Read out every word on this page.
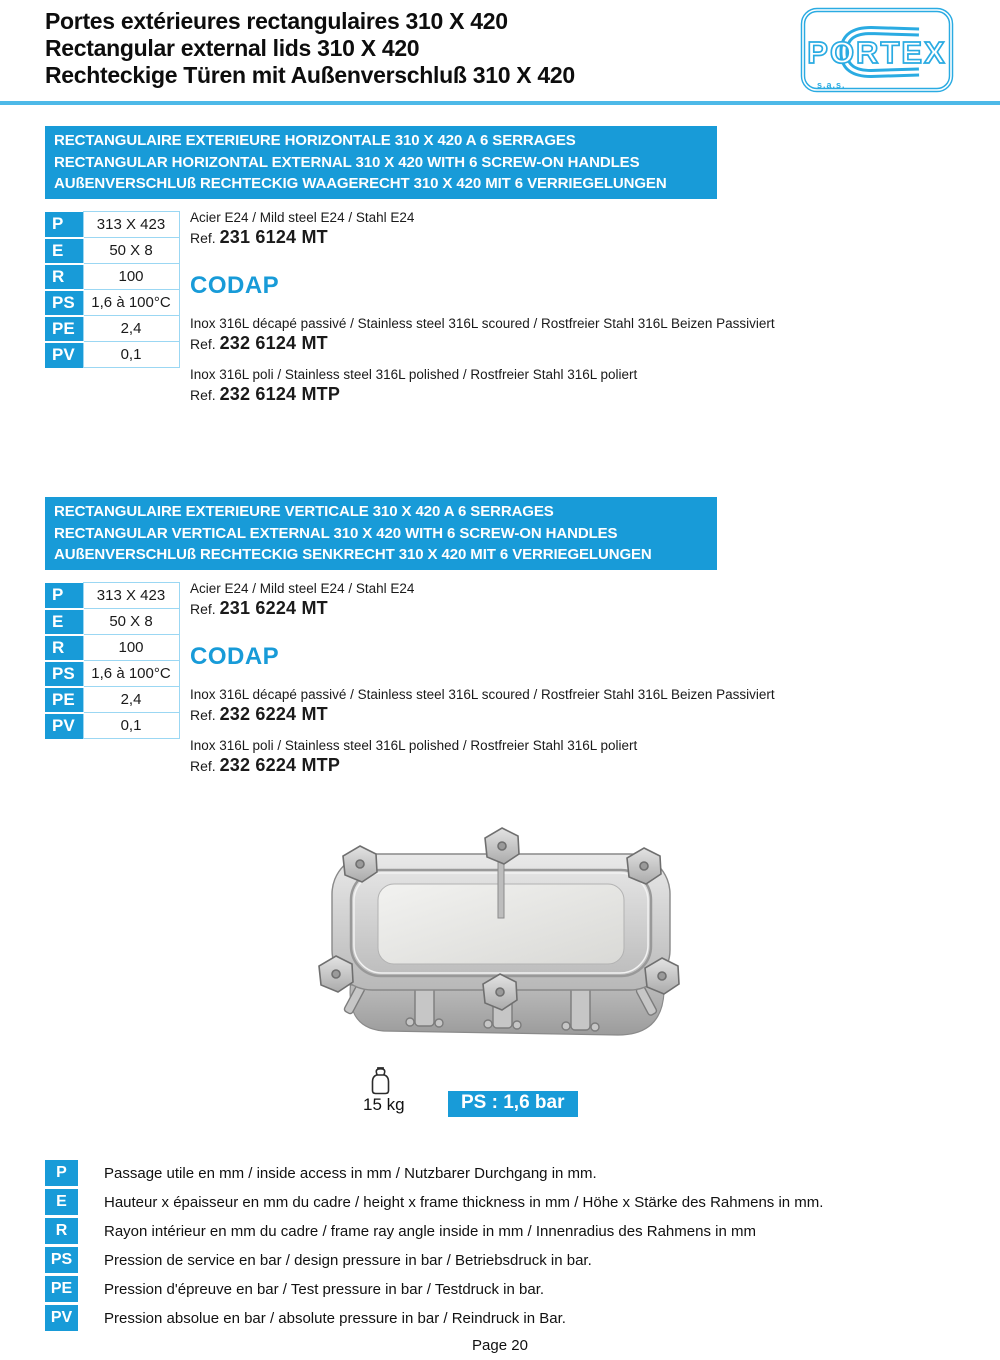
Portes extérieures rectangulaires 310 X 420
Rectangular external lids 310 X 420
Rechteckige Türen mit Außenverschluß 310 X 420
PORTEX
s.a.s.
RECTANGULAIRE EXTERIEURE HORIZONTALE 310 X 420 A 6 SERRAGES
RECTANGULAR HORIZONTAL EXTERNAL 310 X 420 WITH 6 SCREW-ON HANDLES
AUßENVERSCHLUß RECHTECKIG WAAGERECHT 310 X 420 MIT 6 VERRIEGELUNGEN
P	313 X 423
E	50 X 8
R	100
PS	1,6 à 100°C
PE	2,4
PV	0,1
Acier E24 / Mild steel E24 / Stahl E24
Ref. 231 6124 MT
CODAP
Inox 316L décapé passivé / Stainless steel 316L scoured / Rostfreier Stahl 316L Beizen Passiviert
Ref. 232 6124 MT
Inox 316L poli / Stainless steel 316L polished / Rostfreier Stahl 316L poliert
Ref. 232 6124 MTP
RECTANGULAIRE EXTERIEURE VERTICALE 310 X 420 A 6 SERRAGES
RECTANGULAR VERTICAL EXTERNAL 310 X 420 WITH 6 SCREW-ON HANDLES
AUßENVERSCHLUß RECHTECKIG SENKRECHT 310 X 420 MIT 6 VERRIEGELUNGEN
P	313 X 423
E	50 X 8
R	100
PS	1,6 à 100°C
PE	2,4
PV	0,1
Acier E24 / Mild steel E24 / Stahl E24
Ref. 231 6224 MT
CODAP
Inox 316L décapé passivé / Stainless steel 316L scoured / Rostfreier Stahl 316L Beizen Passiviert
Ref. 232 6224 MT
Inox 316L poli / Stainless steel 316L polished / Rostfreier Stahl 316L poliert
Ref. 232 6224 MTP
15 kg	PS : 1,6 bar
P	Passage utile en mm / inside access in mm / Nutzbarer Durchgang in mm.
E	Hauteur x épaisseur en mm du cadre / height x frame thickness in mm / Höhe x Stärke des Rahmens in mm.
R	Rayon intérieur en mm du cadre / frame ray angle inside in mm / Innenradius des Rahmens in mm
PS	Pression de service en bar / design pressure in bar / Betriebsdruck in bar.
PE	Pression d'épreuve en bar / Test pressure in bar / Testdruck in bar.
PV	Pression absolue en bar / absolute pressure in bar / Reindruck in Bar.
Page 20
